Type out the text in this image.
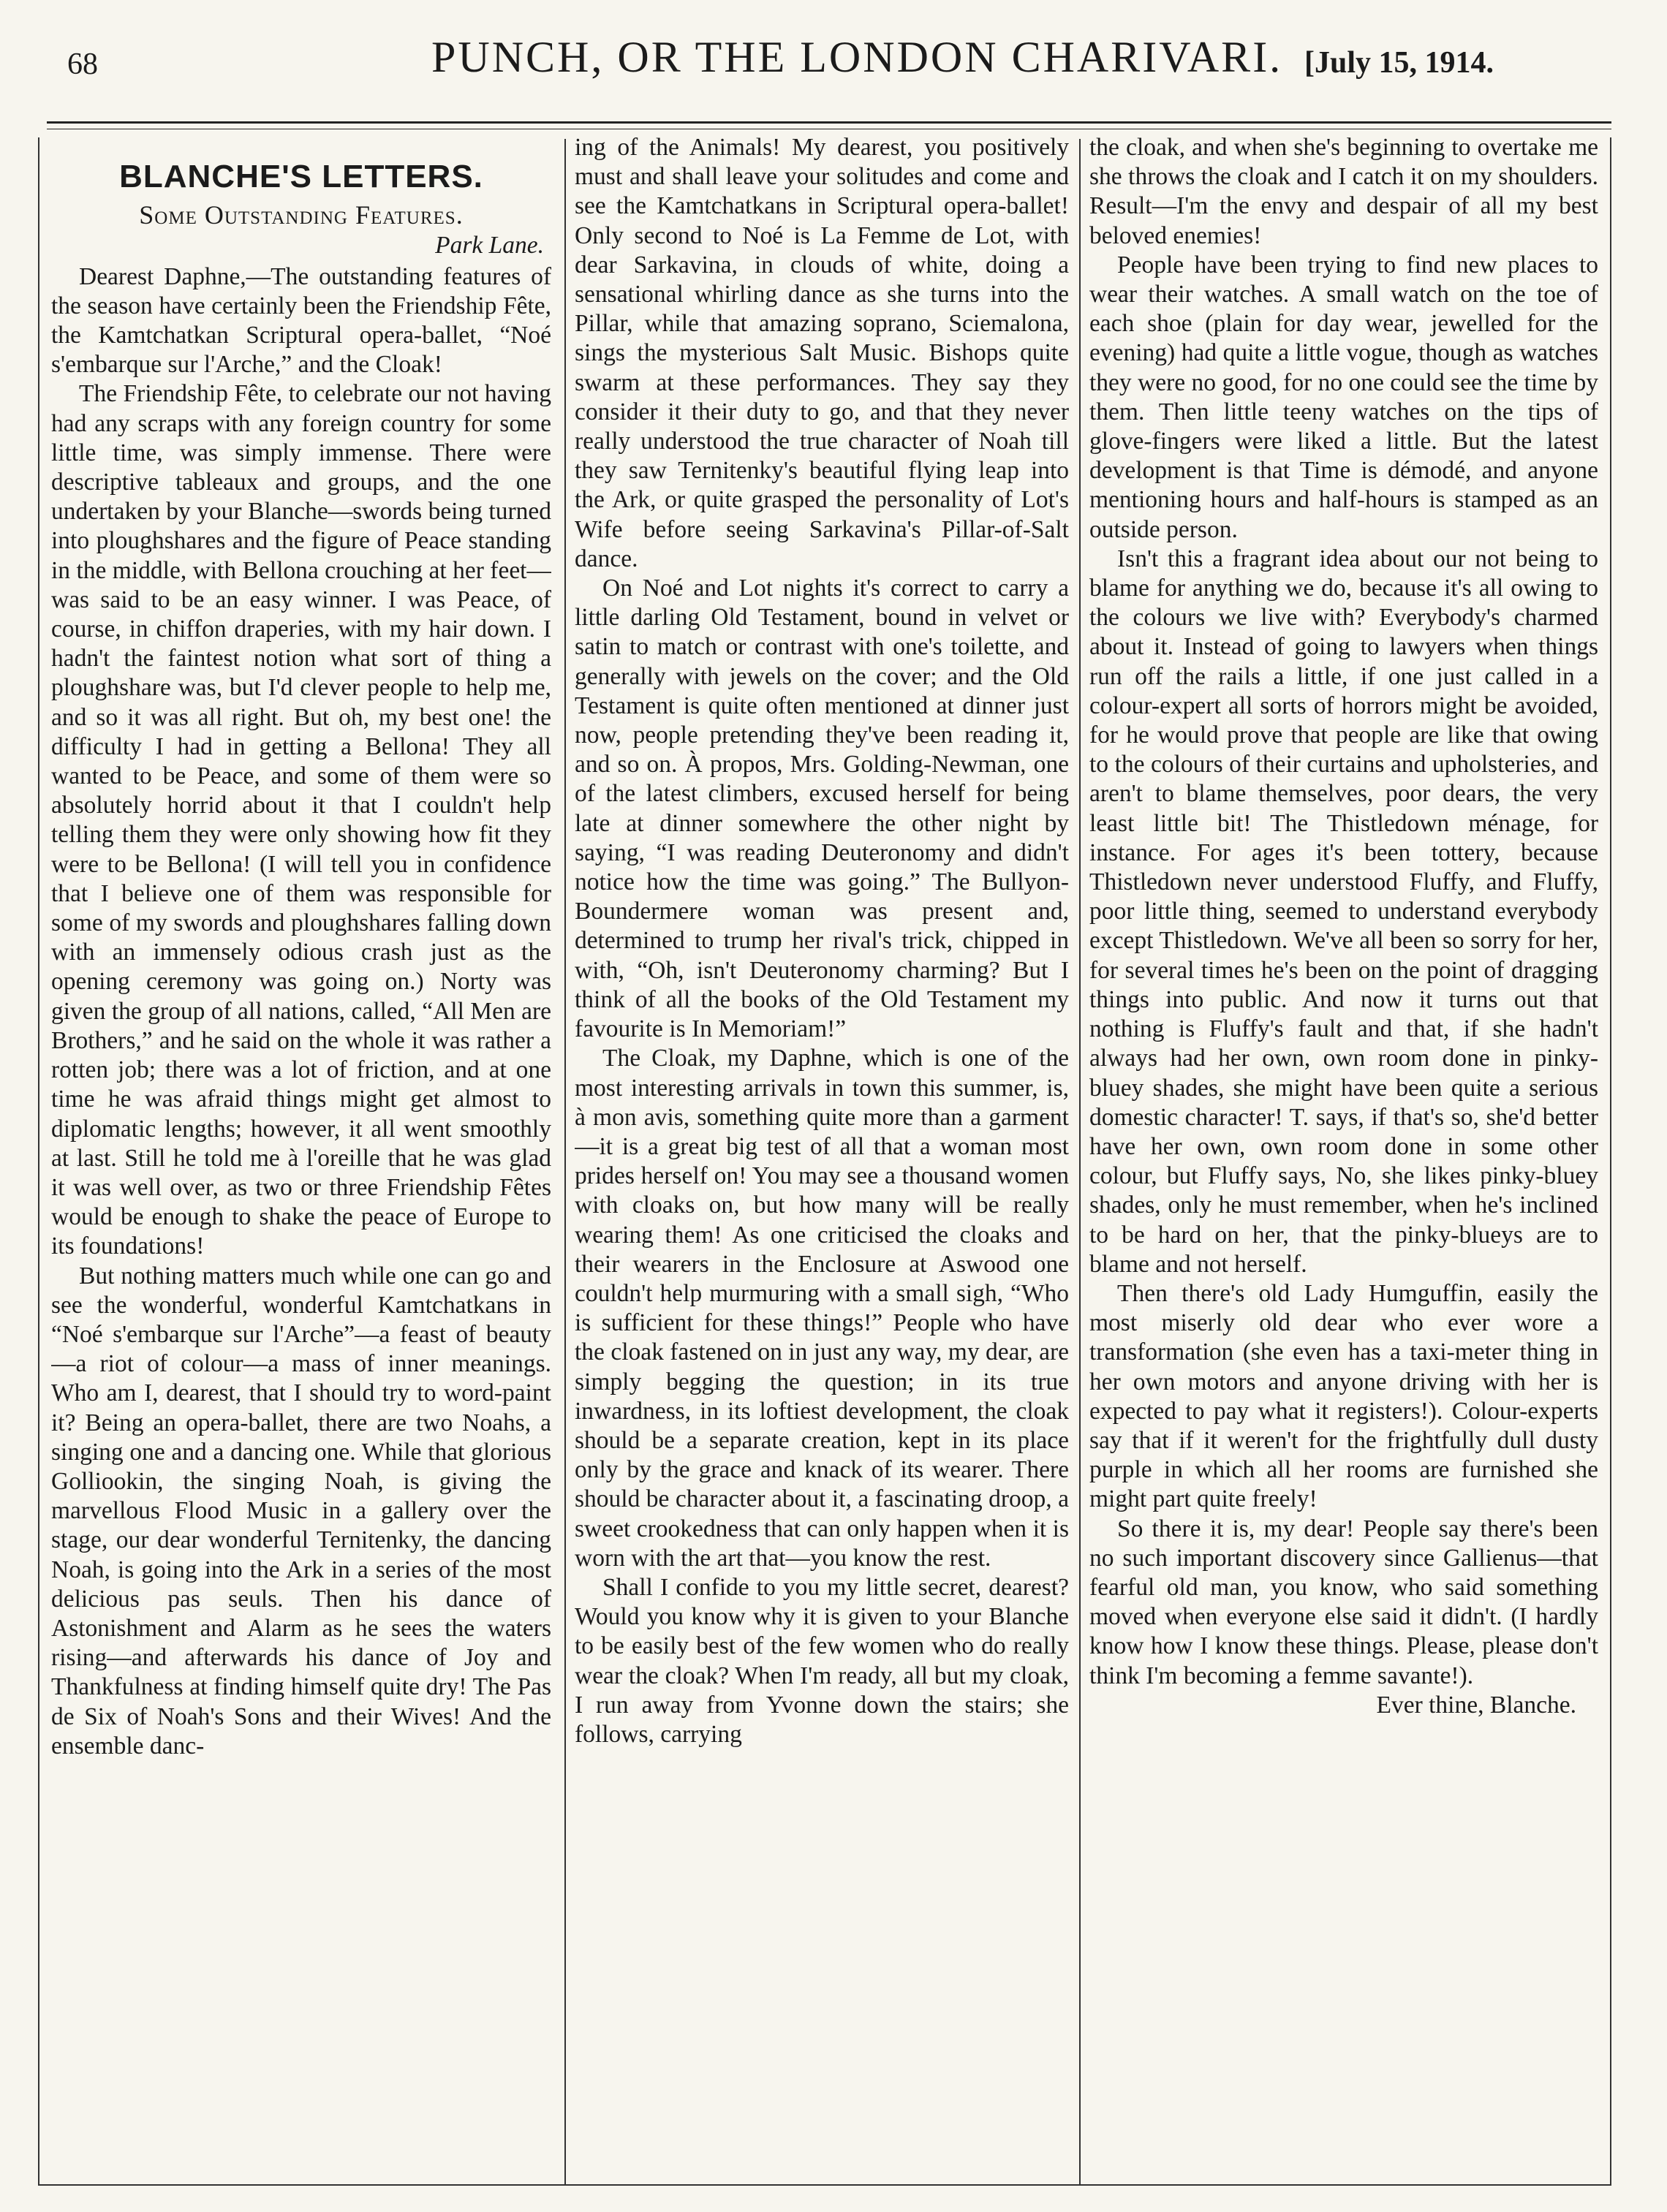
68	PUNCH, OR THE LONDON CHARIVARI. [July 15, 1914.
BLANCHE'S LETTERS.
Some Outstanding Features.
Park Lane.

Dearest Daphne,—The outstanding features of the season have certainly been the Friendship Fête, the Kamtchatkan Scriptural opera-ballet, “Noé s'embarque sur l'Arche,” and the Cloak!

The Friendship Fête, to celebrate our not having had any scraps with any foreign country for some little time, was simply immense. There were descriptive tableaux and groups, and the one undertaken by your Blanche—swords being turned into ploughshares and the figure of Peace standing in the middle, with Bellona crouching at her feet—was said to be an easy winner. I was Peace, of course, in chiffon draperies, with my hair down. I hadn't the faintest notion what sort of thing a ploughshare was, but I'd clever people to help me, and so it was all right. But oh, my best one! the difficulty I had in getting a Bellona! They all wanted to be Peace, and some of them were so absolutely horrid about it that I couldn't help telling them they were only showing how fit they were to be Bellona! (I will tell you in confidence that I believe one of them was responsible for some of my swords and ploughshares falling down with an immensely odious crash just as the opening ceremony was going on.) Norty was given the group of all nations, called, “All Men are Brothers,” and he said on the whole it was rather a rotten job; there was a lot of friction, and at one time he was afraid things might get almost to diplomatic lengths; however, it all went smoothly at last. Still he told me à l'oreille that he was glad it was well over, as two or three Friendship Fêtes would be enough to shake the peace of Europe to its foundations!

But nothing matters much while one can go and see the wonderful, wonderful Kamtchatkans in “Noé s'embarque sur l'Arche”—a feast of beauty—a riot of colour—a mass of inner meanings. Who am I, dearest, that I should try to word-paint it? Being an opera-ballet, there are two Noahs, a singing one and a dancing one. While that glorious Golliookin, the singing Noah, is giving the marvellous Flood Music in a gallery over the stage, our dear wonderful Ternitenky, the dancing Noah, is going into the Ark in a series of the most delicious pas seuls. Then his dance of Astonishment and Alarm as he sees the waters rising—and afterwards his dance of Joy and Thankfulness at finding himself quite dry! The Pas de Six of Noah's Sons and their Wives! And the ensemble danc-

ing of the Animals! My dearest, you positively must and shall leave your solitudes and come and see the Kamtchatkans in Scriptural opera-ballet! Only second to Noé is La Femme de Lot, with dear Sarkavina, in clouds of white, doing a sensational whirling dance as she turns into the Pillar, while that amazing soprano, Sciemalona, sings the mysterious Salt Music. Bishops quite swarm at these performances. They say they consider it their duty to go, and that they never really understood the true character of Noah till they saw Ternitenky's beautiful flying leap into the Ark, or quite grasped the personality of Lot's Wife before seeing Sarkavina's Pillar-of-Salt dance.

On Noé and Lot nights it's correct to carry a little darling Old Testament, bound in velvet or satin to match or contrast with one's toilette, and generally with jewels on the cover; and the Old Testament is quite often mentioned at dinner just now, people pretending they've been reading it, and so on. À propos, Mrs. Golding-Newman, one of the latest climbers, excused herself for being late at dinner somewhere the other night by saying, “I was reading Deuteronomy and didn't notice how the time was going.” The Bullyon-Boundermere woman was present and, determined to trump her rival's trick, chipped in with, “Oh, isn't Deuteronomy charming? But I think of all the books of the Old Testament my favourite is In Memoriam!”

The Cloak, my Daphne, which is one of the most interesting arrivals in town this summer, is, à mon avis, something quite more than a garment—it is a great big test of all that a woman most prides herself on! You may see a thousand women with cloaks on, but how many will be really wearing them! As one criticised the cloaks and their wearers in the Enclosure at Aswood one couldn't help murmuring with a small sigh, “Who is sufficient for these things!” People who have the cloak fastened on in just any way, my dear, are simply begging the question; in its true inwardness, in its loftiest development, the cloak should be a separate creation, kept in its place only by the grace and knack of its wearer. There should be character about it, a fascinating droop, a sweet crookedness that can only happen when it is worn with the art that—you know the rest.

Shall I confide to you my little secret, dearest? Would you know why it is given to your Blanche to be easily best of the few women who do really wear the cloak? When I'm ready, all but my cloak, I run away from Yvonne down the stairs; she follows, carrying

the cloak, and when she's beginning to overtake me she throws the cloak and I catch it on my shoulders. Result—I'm the envy and despair of all my best beloved enemies!

People have been trying to find new places to wear their watches. A small watch on the toe of each shoe (plain for day wear, jewelled for the evening) had quite a little vogue, though as watches they were no good, for no one could see the time by them. Then little teeny watches on the tips of glove-fingers were liked a little. But the latest development is that Time is démodé, and anyone mentioning hours and half-hours is stamped as an outside person.

Isn't this a fragrant idea about our not being to blame for anything we do, because it's all owing to the colours we live with? Everybody's charmed about it. Instead of going to lawyers when things run off the rails a little, if one just called in a colour-expert all sorts of horrors might be avoided, for he would prove that people are like that owing to the colours of their curtains and upholsteries, and aren't to blame themselves, poor dears, the very least little bit! The Thistledown ménage, for instance. For ages it's been tottery, because Thistledown never understood Fluffy, and Fluffy, poor little thing, seemed to understand everybody except Thistledown. We've all been so sorry for her, for several times he's been on the point of dragging things into public. And now it turns out that nothing is Fluffy's fault and that, if she hadn't always had her own, own room done in pinky-bluey shades, she might have been quite a serious domestic character! T. says, if that's so, she'd better have her own, own room done in some other colour, but Fluffy says, No, she likes pinky-bluey shades, only he must remember, when he's inclined to be hard on her, that the pinky-blueys are to blame and not herself.

Then there's old Lady Humguffin, easily the most miserly old dear who ever wore a transformation (she even has a taxi-meter thing in her own motors and anyone driving with her is expected to pay what it registers!). Colour-experts say that if it weren't for the frightfully dull dusty purple in which all her rooms are furnished she might part quite freely!

So there it is, my dear! People say there's been no such important discovery since Gallienus—that fearful old man, you know, who said something moved when everyone else said it didn't. (I hardly know how I know these things. Please, please don't think I'm becoming a femme savante!).

Ever thine, Blanche.
